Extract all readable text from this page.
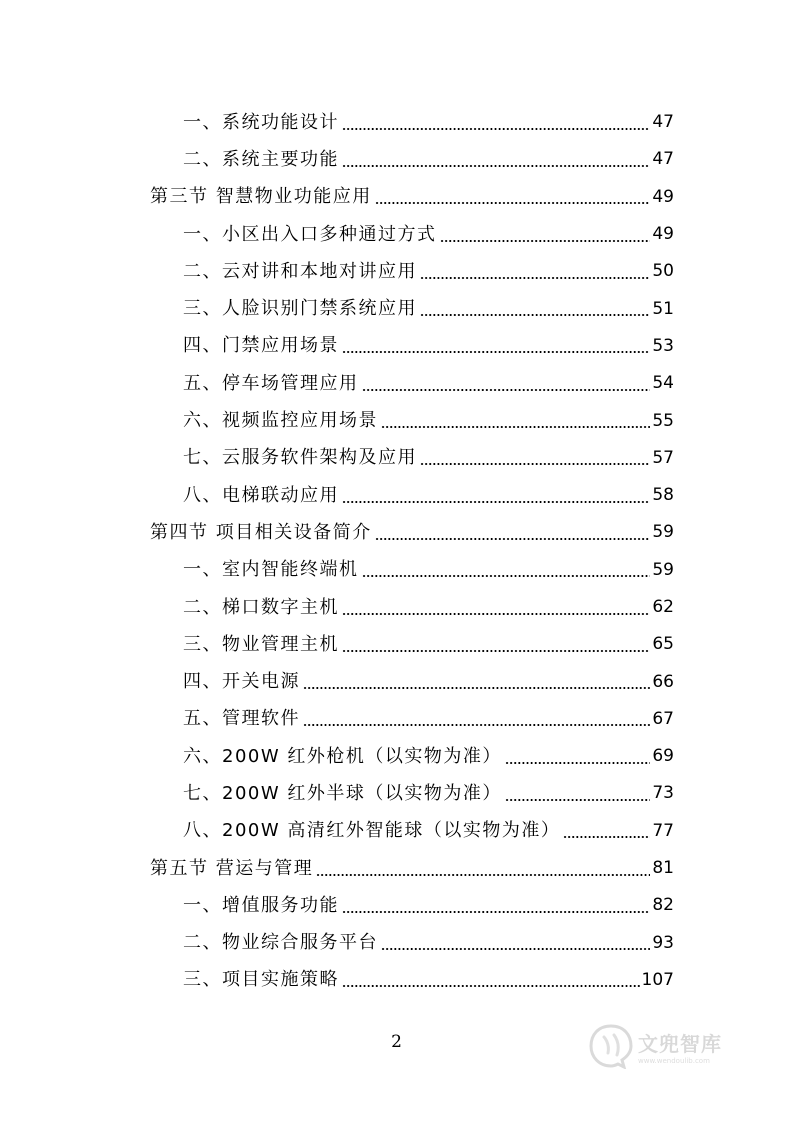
一、系统功能设计	47
二、系统主要功能	47
第三节 智慧物业功能应用	49
一、小区出入口多种通过方式	49
二、云对讲和本地对讲应用	50
三、人脸识别门禁系统应用	51
四、门禁应用场景	53
五、停车场管理应用	54
六、视频监控应用场景	55
七、云服务软件架构及应用	57
八、电梯联动应用	58
第四节 项目相关设备简介	59
一、室内智能终端机	59
二、梯口数字主机	62
三、物业管理主机	65
四、开关电源	66
五、管理软件	67
六、200W 红外枪机（以实物为准）	69
七、200W 红外半球（以实物为准）	73
八、200W 高清红外智能球（以实物为准）	77
第五节 营运与管理	81
一、增值服务功能	82
二、物业综合服务平台	93
三、项目实施策略	107
2	文兜智库
www.wendoulib.com
